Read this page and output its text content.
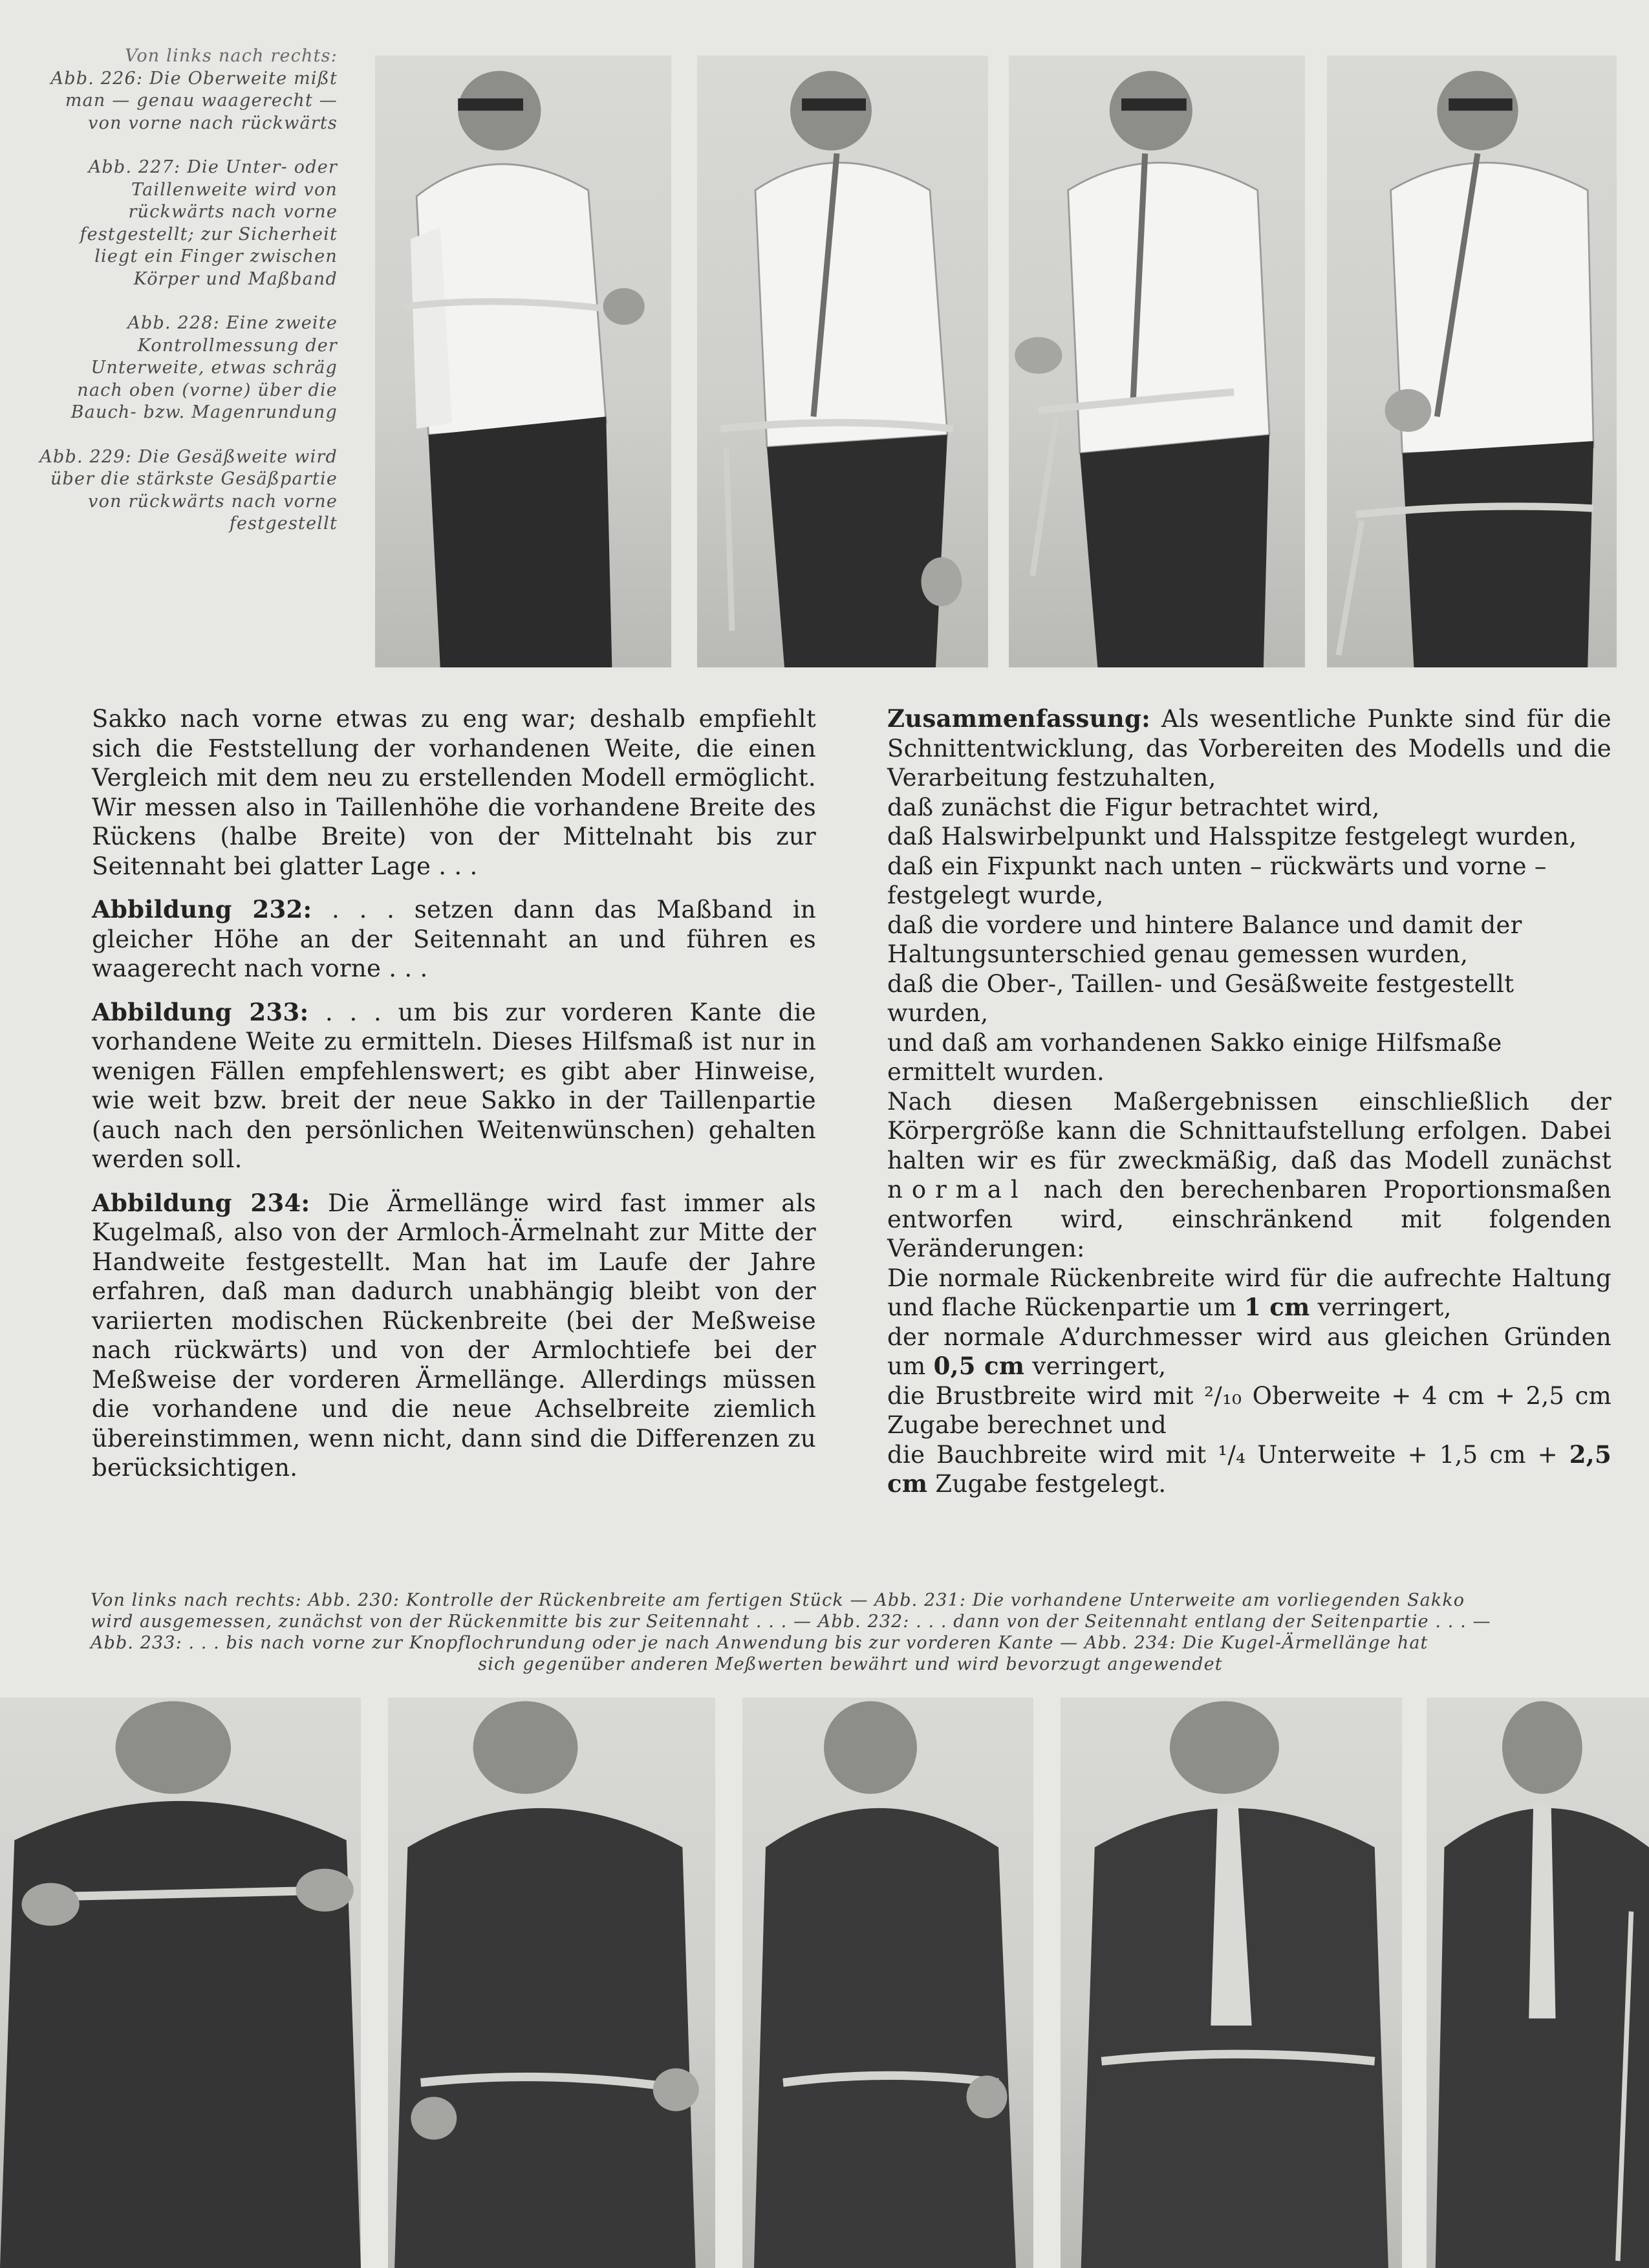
Von links nach rechts:
Abb. 226: Die Oberweite mißt man — genau waagerecht — von vorne nach rückwärts

Abb. 227: Die Unter- oder Taillenweite wird von rückwärts nach vorne festgestellt; zur Sicherheit liegt ein Finger zwischen Körper und Maßband

Abb. 228: Eine zweite Kontrollmessung der Unterweite, etwas schräg nach oben (vorne) über die Bauch- bzw. Magenrundung

Abb. 229: Die Gesäßweite wird über die stärkste Gesäßpartie von rückwärts nach vorne festgestellt

Sakko nach vorne etwas zu eng war; deshalb empfiehlt sich die Feststellung der vorhandenen Weite, die einen Vergleich mit dem neu zu erstellenden Modell ermöglicht. Wir messen also in Taillenhöhe die vorhandene Breite des Rückens (halbe Breite) von der Mittelnaht bis zur Seitennaht bei glatter Lage . . .

Abbildung 232: . . . setzen dann das Maßband in gleicher Höhe an der Seitennaht an und führen es waagerecht nach vorne . . .

Abbildung 233: . . . um bis zur vorderen Kante die vorhandene Weite zu ermitteln. Dieses Hilfsmaß ist nur in wenigen Fällen empfehlenswert; es gibt aber Hinweise, wie weit bzw. breit der neue Sakko in der Taillenpartie (auch nach den persönlichen Weitenwünschen) gehalten werden soll.

Abbildung 234: Die Ärmellänge wird fast immer als Kugelmaß, also von der Armloch-Ärmelnaht zur Mitte der Handweite festgestellt. Man hat im Laufe der Jahre erfahren, daß man dadurch unabhängig bleibt von der variierten modischen Rückenbreite (bei der Meßweise nach rückwärts) und von der Armlochtiefe bei der Meßweise der vorderen Ärmellänge. Allerdings müssen die vorhandene und die neue Achselbreite ziemlich übereinstimmen, wenn nicht, dann sind die Differenzen zu berücksichtigen.

Zusammenfassung: Als wesentliche Punkte sind für die Schnittentwicklung, das Vorbereiten des Modells und die Verarbeitung festzuhalten,

daß zunächst die Figur betrachtet wird,
daß Halswirbelpunkt und Halsspitze festgelegt wurden,
daß ein Fixpunkt nach unten – rückwärts und vorne – festgelegt wurde,
daß die vordere und hintere Balance und damit der Haltungsunterschied genau gemessen wurden,
daß die Ober-, Taillen- und Gesäßweite festgestellt wurden,
und daß am vorhandenen Sakko einige Hilfsmaße ermittelt wurden.

Nach diesen Maßergebnissen einschließlich der Körpergröße kann die Schnittaufstellung erfolgen. Dabei halten wir es für zweckmäßig, daß das Modell zunächst normal nach den berechenbaren Proportionsmaßen entworfen wird, einschränkend mit folgenden Veränderungen:

Die normale Rückenbreite wird für die aufrechte Haltung und flache Rückenpartie um 1 cm verringert,

der normale A’durchmesser wird aus gleichen Gründen um 0,5 cm verringert,

die Brustbreite wird mit ²/₁₀ Oberweite + 4 cm + 2,5 cm Zugabe berechnet und

die Bauchbreite wird mit ¹/₄ Unterweite + 1,5 cm + 2,5 cm Zugabe festgelegt.

Von links nach rechts: Abb. 230: Kontrolle der Rückenbreite am fertigen Stück — Abb. 231: Die vorhandene Unterweite am vorliegenden Sakko
wird ausgemessen, zunächst von der Rückenmitte bis zur Seitennaht . . . — Abb. 232: . . . dann von der Seitennaht entlang der Seitenpartie . . . —
Abb. 233: . . . bis nach vorne zur Knopflochrundung oder je nach Anwendung bis zur vorderen Kante — Abb. 234: Die Kugel-Ärmellänge hat
sich gegenüber anderen Meßwerten bewährt und wird bevorzugt angewendet
